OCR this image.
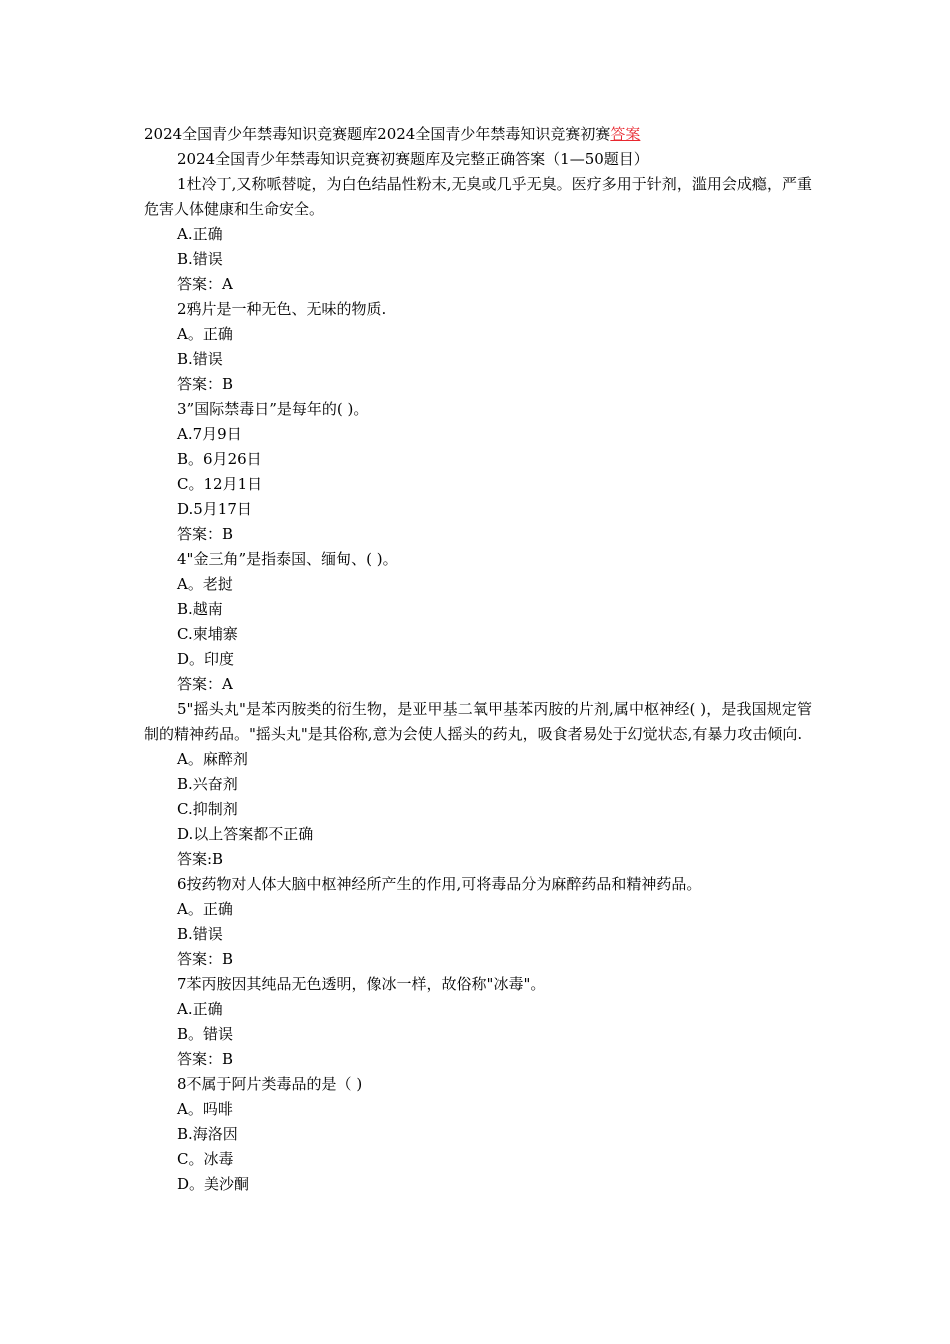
2024全国青少年禁毒知识竞赛题库2024全国青少年禁毒知识竞赛初赛答案
2024全国青少年禁毒知识竞赛初赛题库及完整正确答案（1—50题目）
1杜冷丁,又称哌替啶，为白色结晶性粉末,无臭或几乎无臭。医疗多用于针剂，滥用会成瘾，严重危害人体健康和生命安全。
A.正确
B.错误
答案：A
2鸦片是一种无色、无味的物质.
A。正确
B.错误
答案：B
3”国际禁毒日”是每年的( )。
A.7月9日
B。6月26日
C。12月1日
D.5月17日
答案：B
4"金三角”是指泰国、缅甸、( )。
A。老挝
B.越南
C.柬埔寨
D。印度
答案：A
5"摇头丸"是苯丙胺类的衍生物，是亚甲基二氧甲基苯丙胺的片剂,属中枢神经( )，是我国规定管制的精神药品。"摇头丸"是其俗称,意为会使人摇头的药丸，吸食者易处于幻觉状态,有暴力攻击倾向.
A。麻醉剂
B.兴奋剂
C.抑制剂
D.以上答案都不正确
答案:B
6按药物对人体大脑中枢神经所产生的作用,可将毒品分为麻醉药品和精神药品。
A。正确
B.错误
答案：B
7苯丙胺因其纯品无色透明，像冰一样，故俗称"冰毒"。
A.正确
B。错误
答案：B
8不属于阿片类毒品的是（ )
A。吗啡
B.海洛因
C。冰毒
D。美沙酮
